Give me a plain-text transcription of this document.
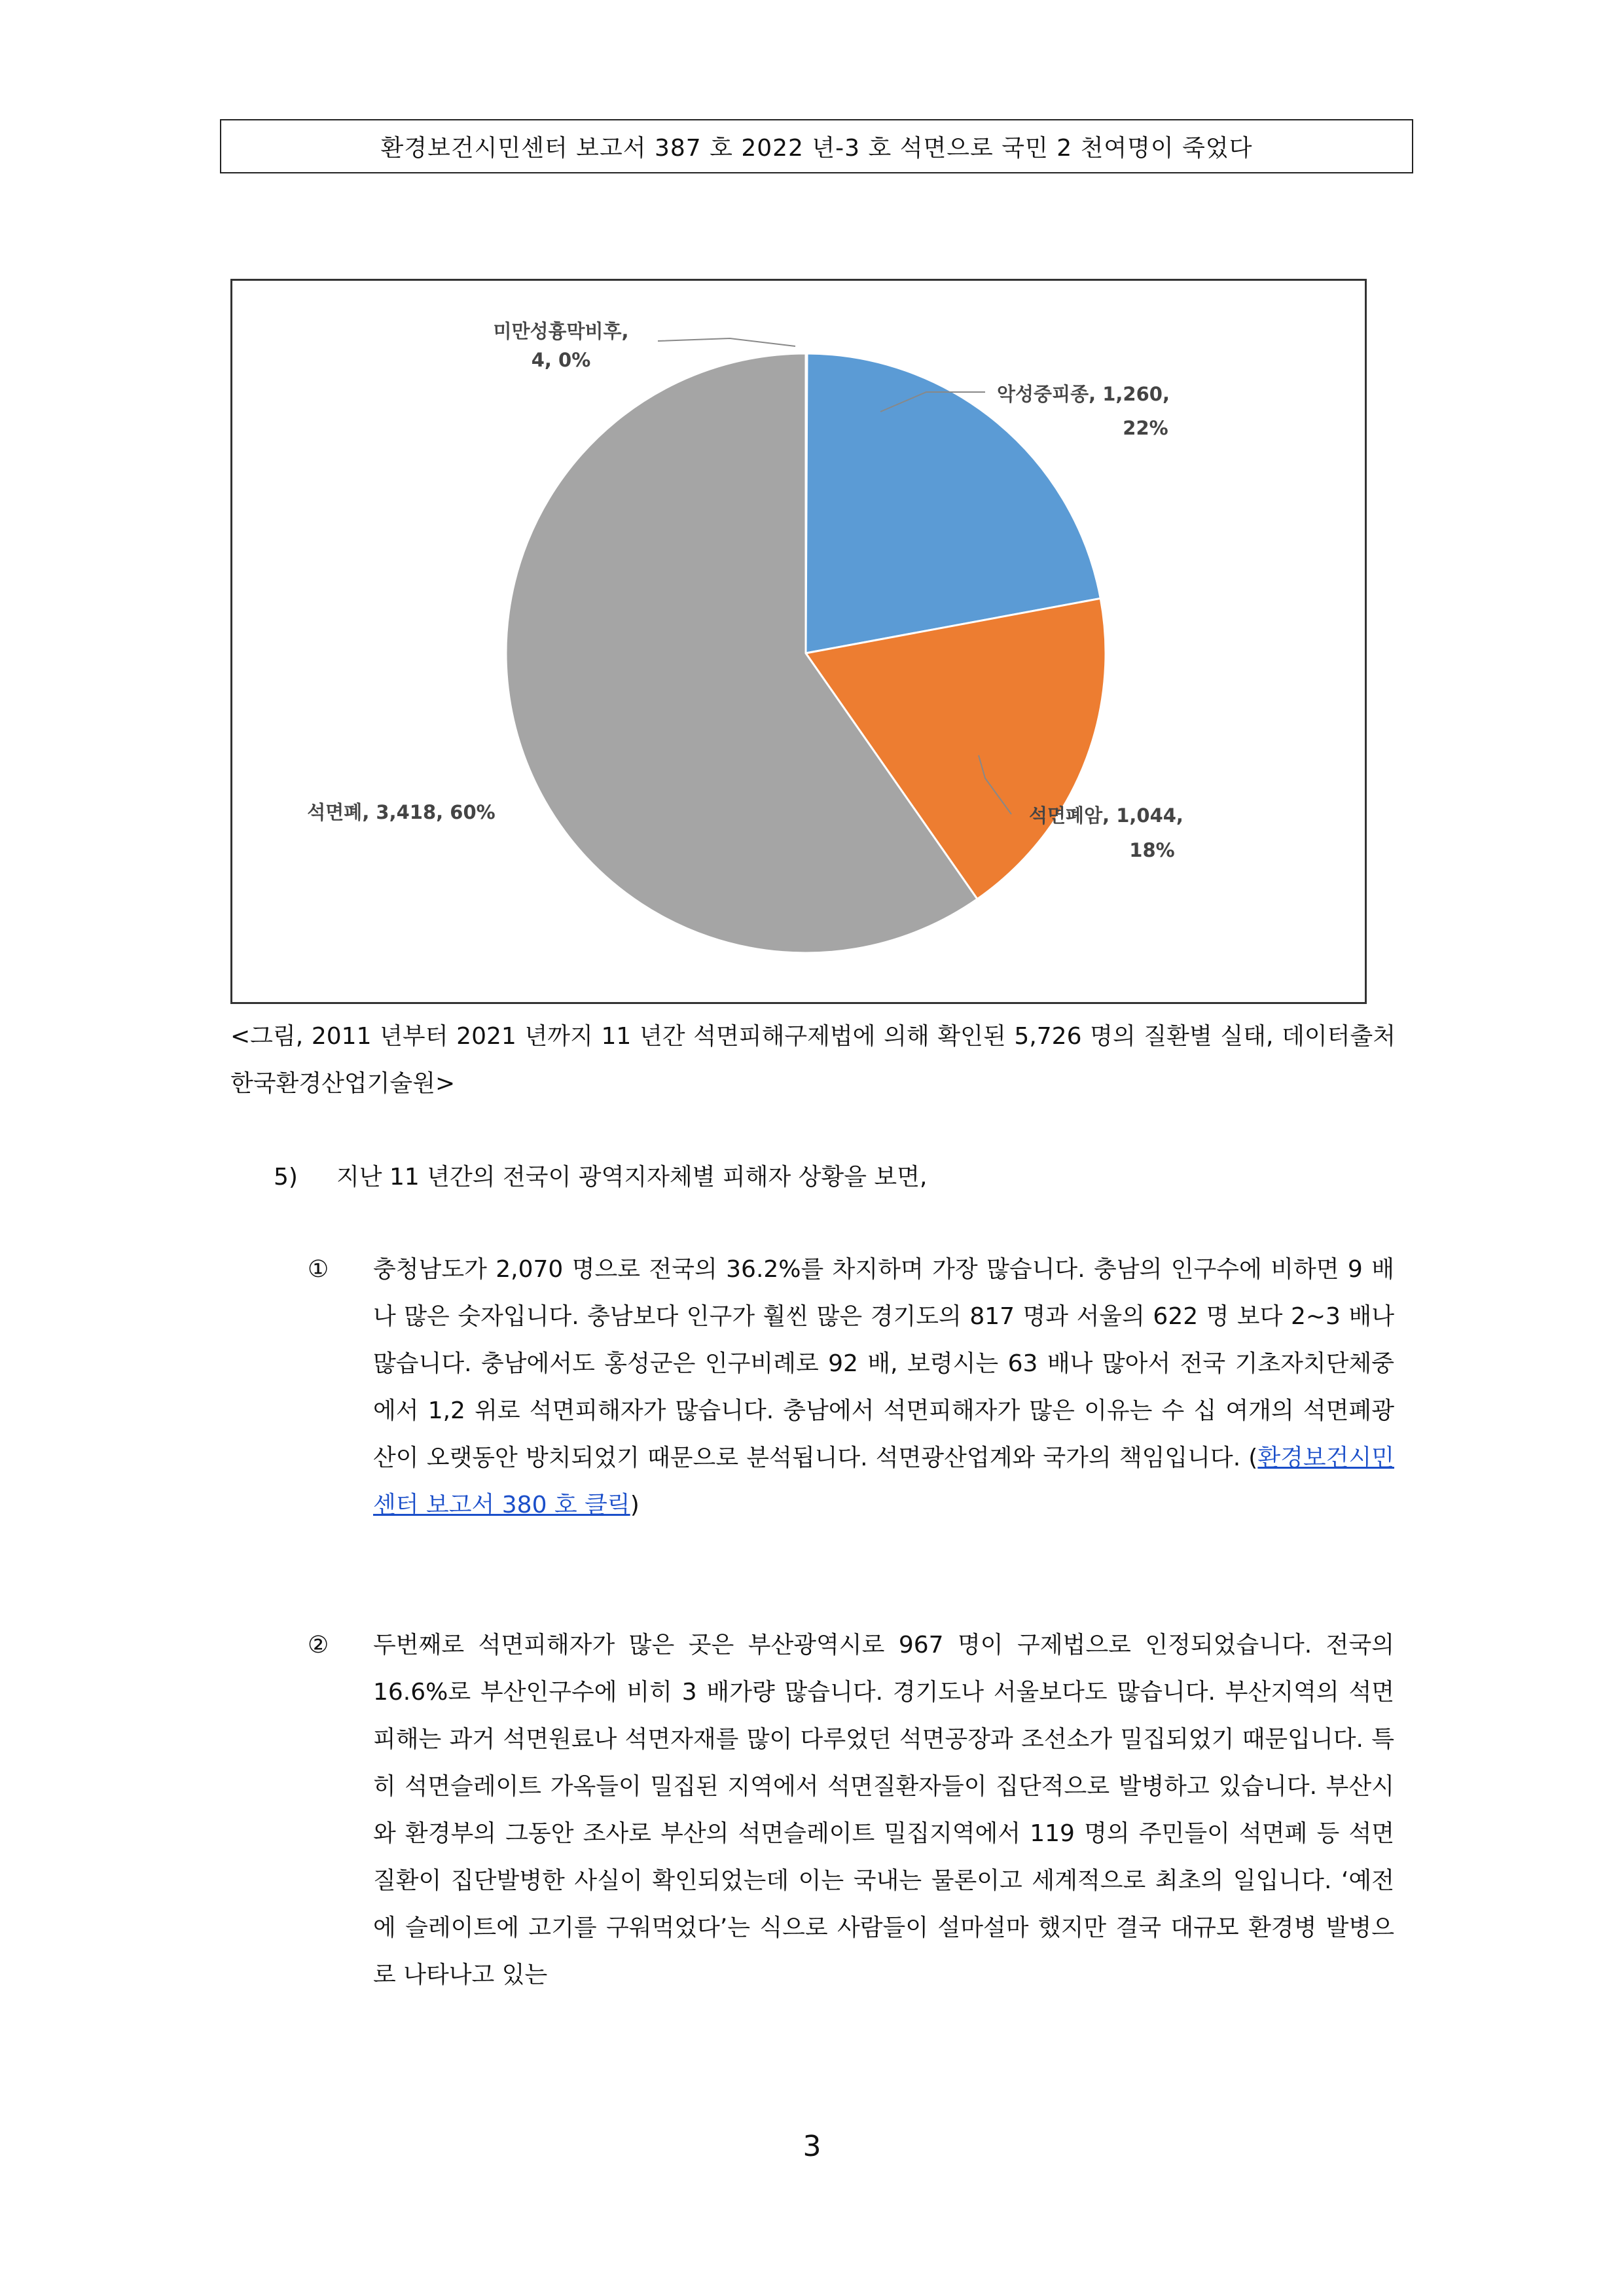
환경보건시민센터 보고서 387 호 2022 년-3 호 석면으로 국민 2 천여명이 죽었다
미만성흉막비후,
4, 0%
악성중피종, 1,260,
22%
석면폐암, 1,044,
18%
석면폐, 3,418, 60%
<그림, 2011 년부터 2021 년까지 11 년간 석면피해구제법에 의해 확인된 5,726 명의 질환별 실태, 데이터출처 한국환경산업기술원>
5) 지난 11 년간의 전국이 광역지자체별 피해자 상황을 보면,
① 충청남도가 2,070 명으로 전국의 36.2%를 차지하며 가장 많습니다. 충남의 인구수에 비하면 9 배나 많은 숫자입니다. 충남보다 인구가 훨씬 많은 경기도의 817 명과 서울의 622 명 보다 2~3 배나 많습니다. 충남에서도 홍성군은 인구비례로 92 배, 보령시는 63 배나 많아서 전국 기초자치단체중에서 1,2 위로 석면피해자가 많습니다. 충남에서 석면피해자가 많은 이유는 수 십 여개의 석면폐광산이 오랫동안 방치되었기 때문으로 분석됩니다. 석면광산업계와 국가의 책임입니다. (환경보건시민센터 보고서 380 호 클릭)
② 두번째로 석면피해자가 많은 곳은 부산광역시로 967 명이 구제법으로 인정되었습니다. 전국의 16.6%로 부산인구수에 비히 3 배가량 많습니다. 경기도나 서울보다도 많습니다. 부산지역의 석면피해는 과거 석면원료나 석면자재를 많이 다루었던 석면공장과 조선소가 밀집되었기 때문입니다. 특히 석면슬레이트 가옥들이 밀집된 지역에서 석면질환자들이 집단적으로 발병하고 있습니다. 부산시와 환경부의 그동안 조사로 부산의 석면슬레이트 밀집지역에서 119 명의 주민들이 석면폐 등 석면질환이 집단발병한 사실이 확인되었는데 이는 국내는 물론이고 세계적으로 최초의 일입니다. ‘예전에 슬레이트에 고기를 구워먹었다’는 식으로 사람들이 설마설마 했지만 결국 대규모 환경병 발병으로 나타나고 있는
3
